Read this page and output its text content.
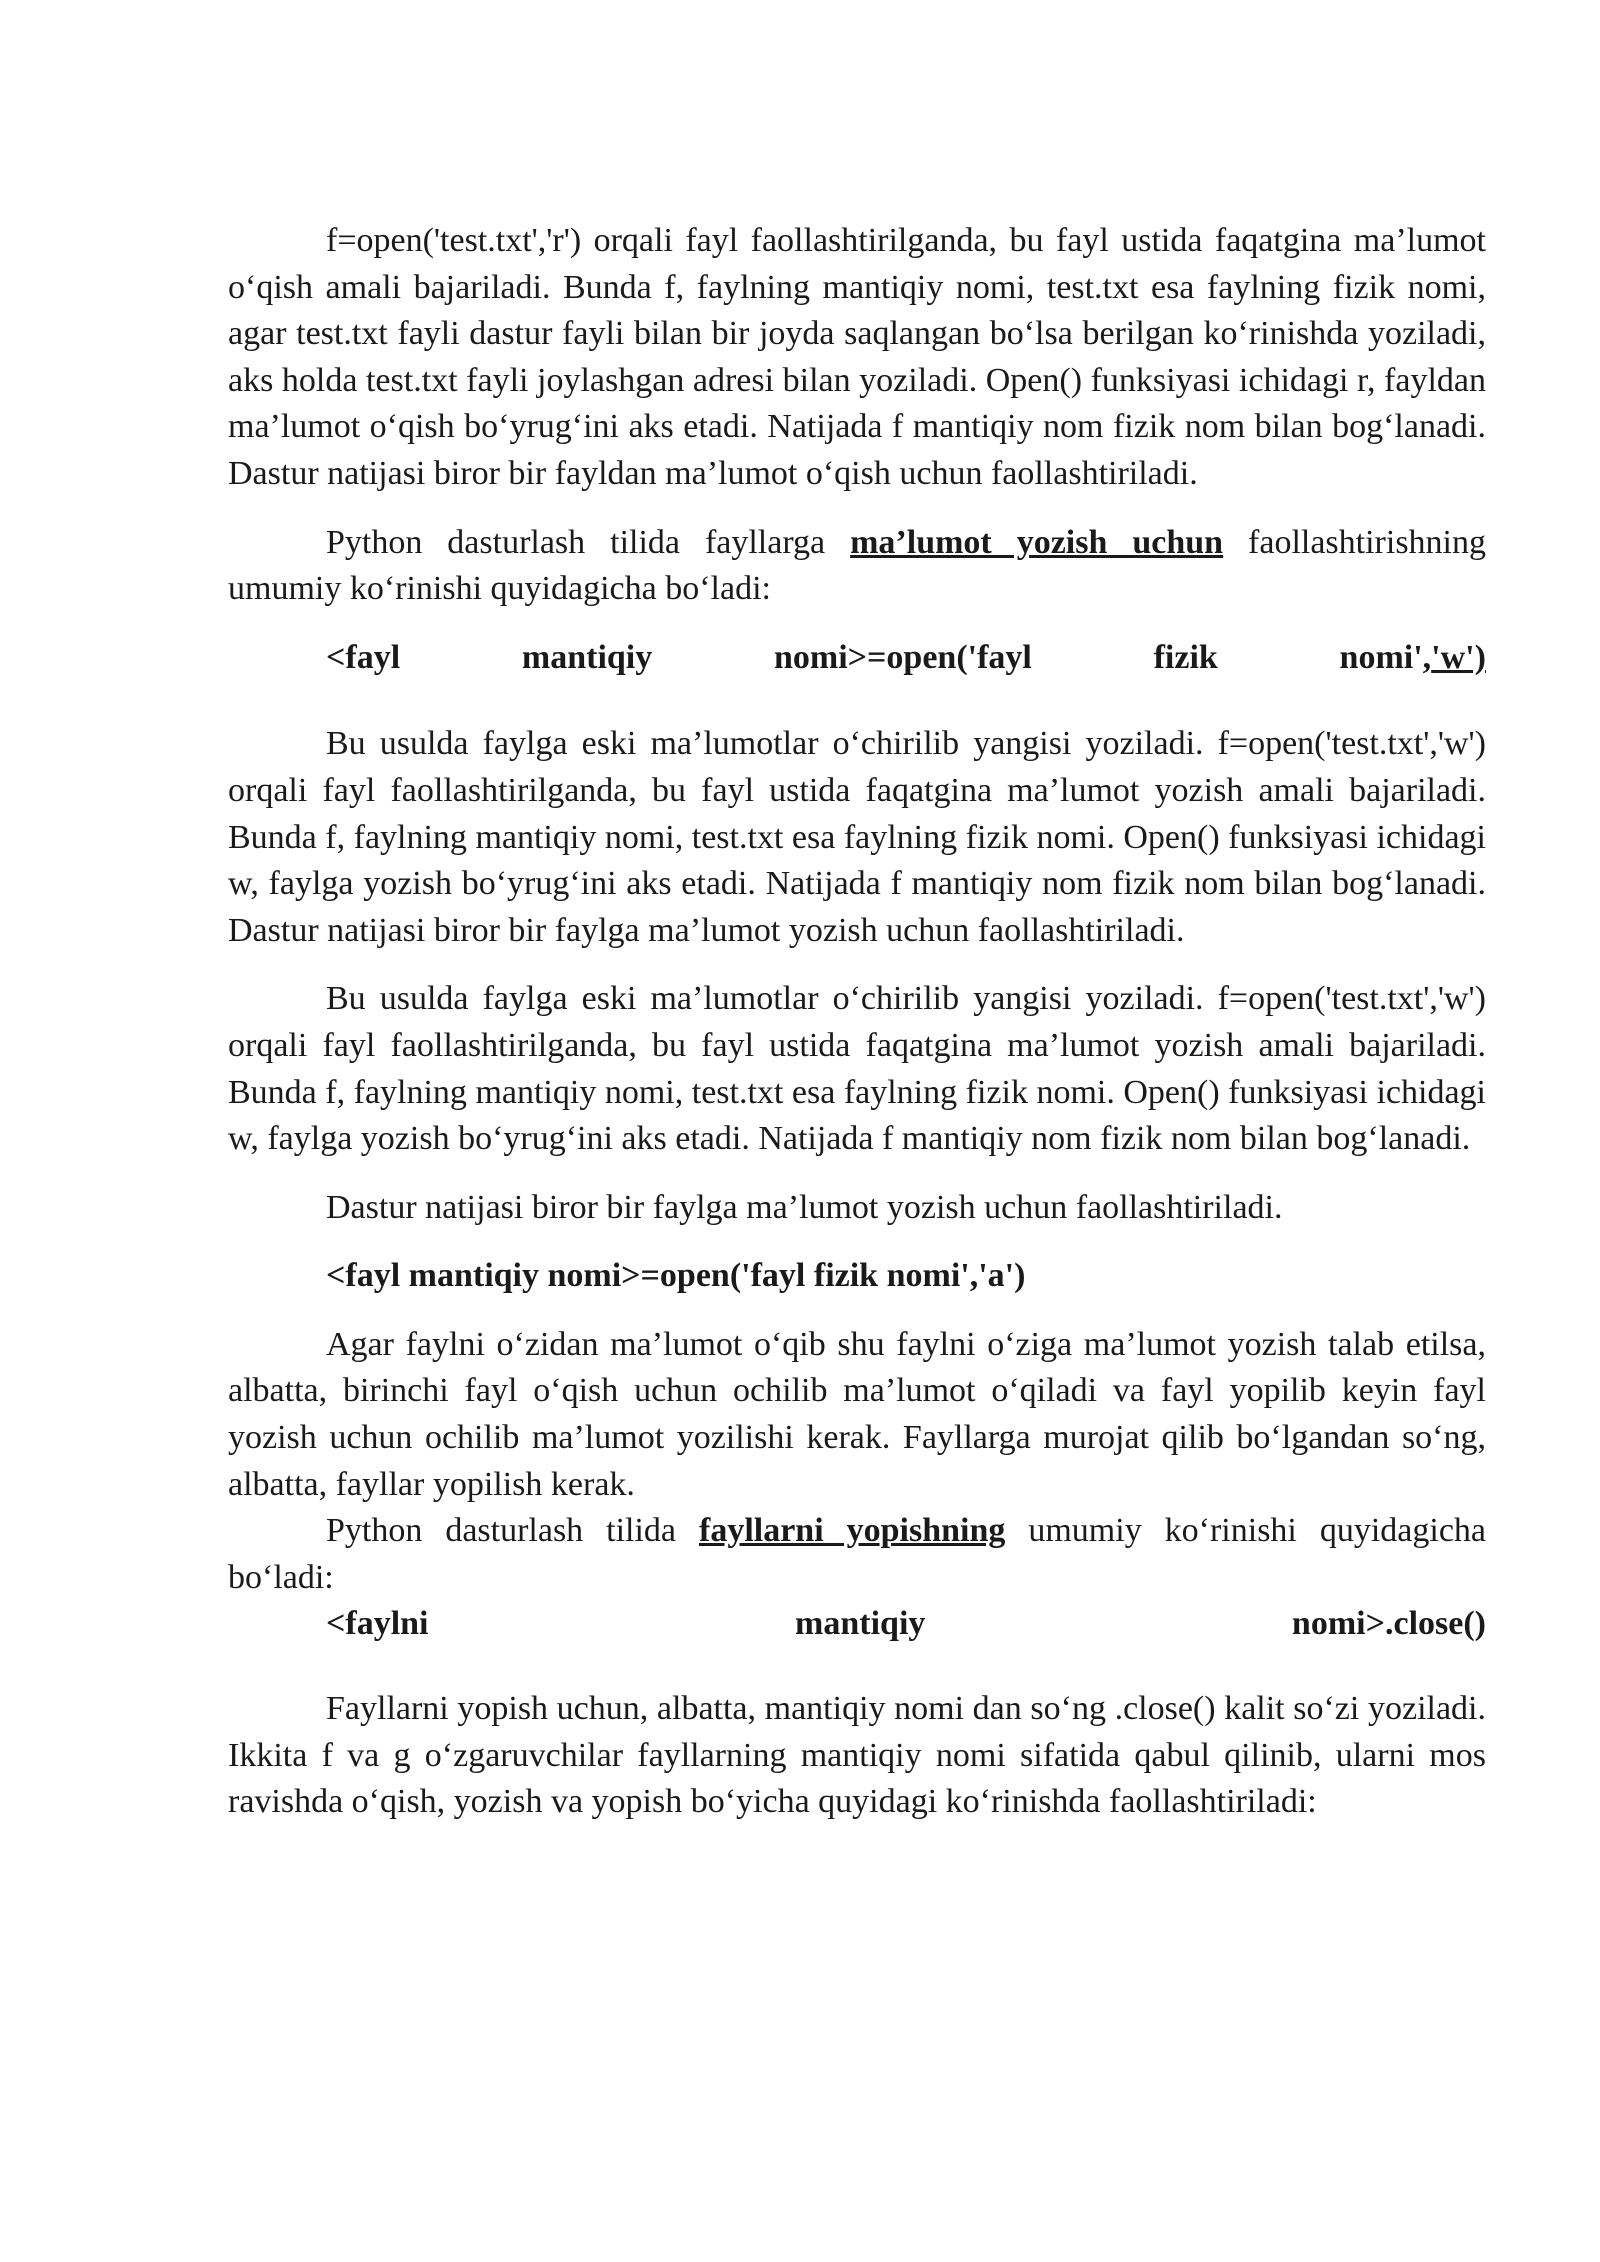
f=open('test.txt','r') orqali fayl faollashtirilganda, bu fayl ustida faqatgina ma’lumot o‘qish amali bajariladi. Bunda f, faylning mantiqiy nomi, test.txt esa faylning fizik nomi, agar test.txt fayli dastur fayli bilan bir joyda saqlangan bo‘lsa berilgan ko‘rinishda yoziladi, aks holda test.txt fayli joylashgan adresi bilan yoziladi. Open() funksiyasi ichidagi r, fayldan ma’lumot o‘qish bo‘yrug‘ini aks etadi. Natijada f mantiqiy nom fizik nom bilan bog‘lanadi. Dastur natijasi biror bir fayldan ma’lumot o‘qish uchun faollashtiriladi.

Python dasturlash tilida fayllarga ma’lumot yozish uchun faollashtirishning umumiy ko‘rinishi quyidagicha bo‘ladi:

<fayl	mantiqiy	nomi>=open('fayl	fizik	nomi','w')

Bu usulda faylga eski ma’lumotlar o‘chirilib yangisi yoziladi. f=open('test.txt','w') orqali fayl faollashtirilganda, bu fayl ustida faqatgina ma’lumot yozish amali bajariladi. Bunda f, faylning mantiqiy nomi, test.txt esa faylning fizik nomi. Open() funksiyasi ichidagi w, faylga yozish bo‘yrug‘ini aks etadi. Natijada f mantiqiy nom fizik nom bilan bog‘lanadi. Dastur natijasi biror bir faylga ma’lumot yozish uchun faollashtiriladi.

Bu usulda faylga eski ma’lumotlar o‘chirilib yangisi yoziladi. f=open('test.txt','w') orqali fayl faollashtirilganda, bu fayl ustida faqatgina ma’lumot yozish amali bajariladi. Bunda f, faylning mantiqiy nomi, test.txt esa faylning fizik nomi. Open() funksiyasi ichidagi w, faylga yozish bo‘yrug‘ini aks etadi. Natijada f mantiqiy nom fizik nom bilan bog‘lanadi.

Dastur natijasi biror bir faylga ma’lumot yozish uchun faollashtiriladi.

<fayl mantiqiy nomi>=open('fayl fizik nomi','a')

Agar faylni o‘zidan ma’lumot o‘qib shu faylni o‘ziga ma’lumot yozish talab etilsa, albatta, birinchi fayl o‘qish uchun ochilib ma’lumot o‘qiladi va fayl yopilib keyin fayl yozish uchun ochilib ma’lumot yozilishi kerak. Fayllarga murojat qilib bo‘lgandan so‘ng, albatta, fayllar yopilish kerak.

Python dasturlash tilida fayllarni yopishning umumiy ko‘rinishi quyidagicha bo‘ladi:

<faylni	mantiqiy	nomi>.close()

Fayllarni yopish uchun, albatta, mantiqiy nomi dan so‘ng .close() kalit so‘zi yoziladi. Ikkita f va g o‘zgaruvchilar fayllarning mantiqiy nomi sifatida qabul qilinib, ularni mos ravishda o‘qish, yozish va yopish bo‘yicha quyidagi ko‘rinishda faollashtiriladi:
